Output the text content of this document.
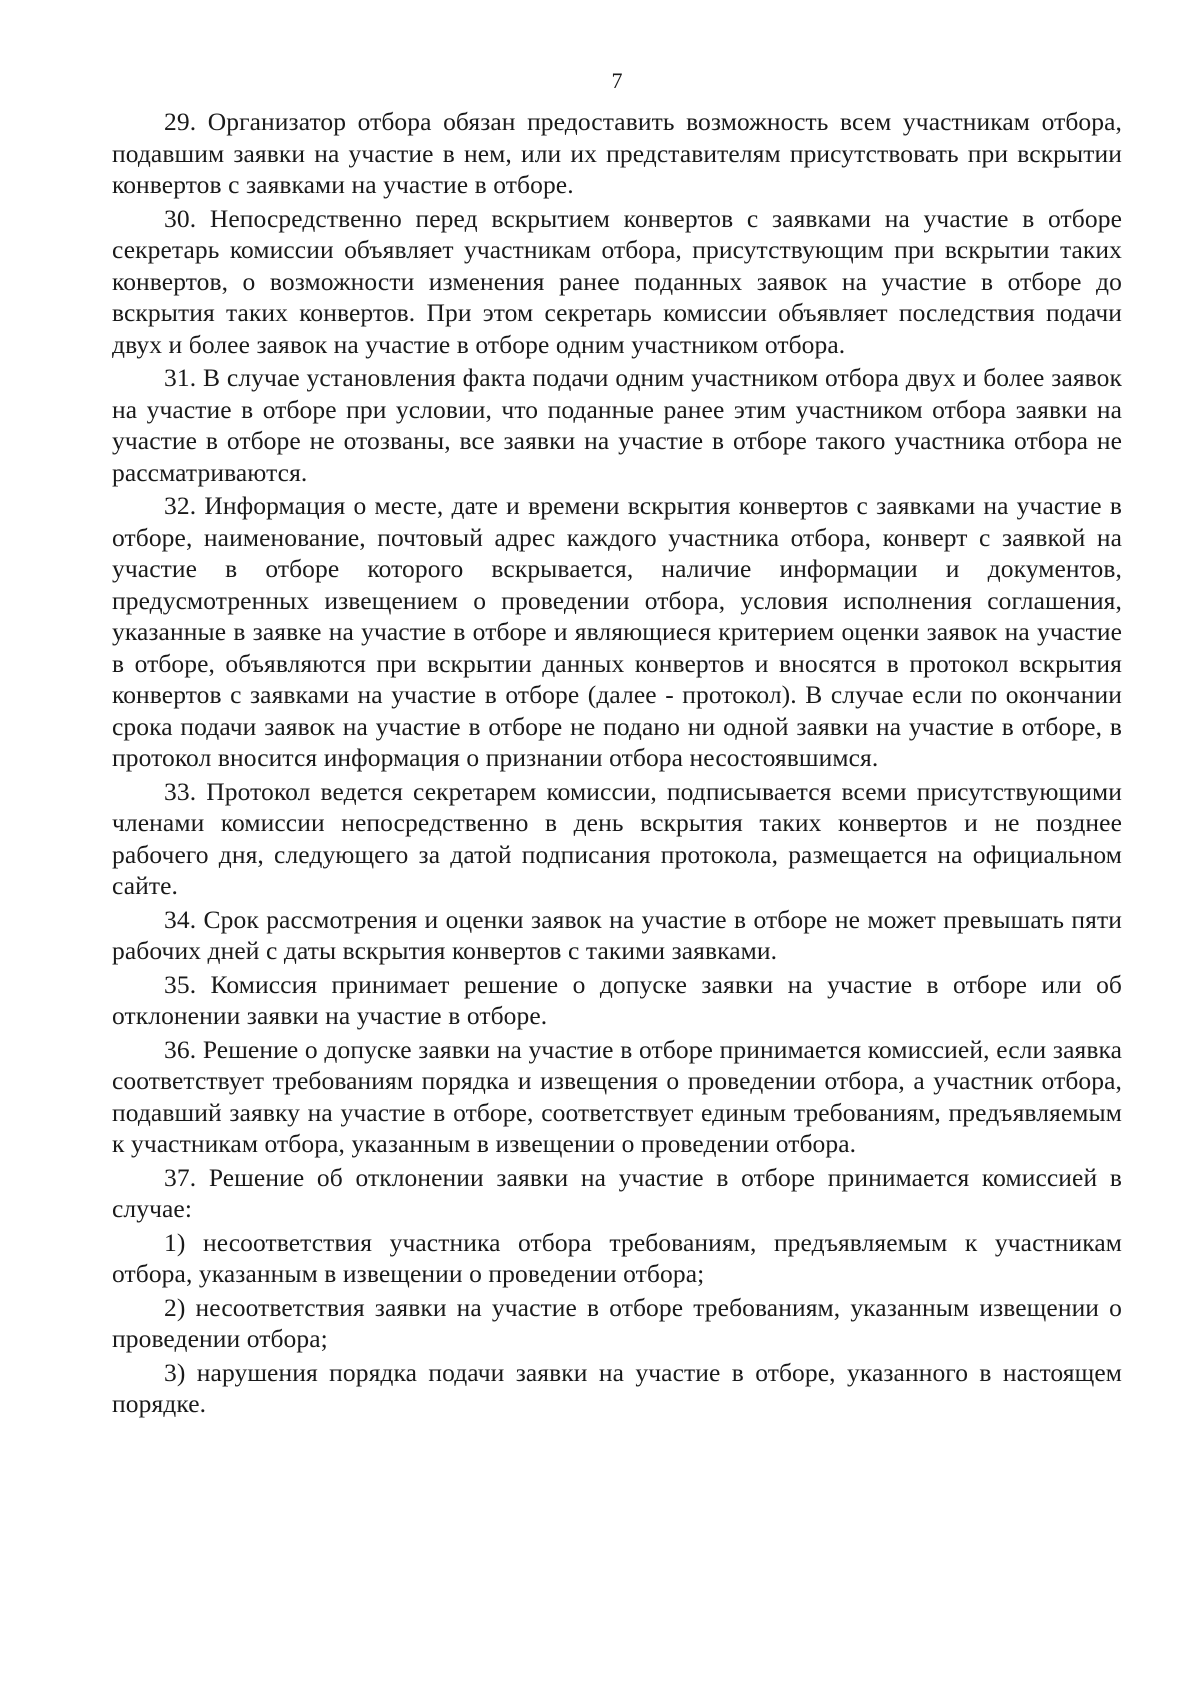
7

29. Организатор отбора обязан предоставить возможность всем участникам отбора, подавшим заявки на участие в нем, или их представителям присутствовать при вскрытии конвертов с заявками на участие в отборе.

30. Непосредственно перед вскрытием конвертов с заявками на участие в отборе секретарь комиссии объявляет участникам отбора, присутствующим при вскрытии таких конвертов, о возможности изменения ранее поданных заявок на участие в отборе до вскрытия таких конвертов. При этом секретарь комиссии объявляет последствия подачи двух и более заявок на участие в отборе одним участником отбора.

31. В случае установления факта подачи одним участником отбора двух и более заявок на участие в отборе при условии, что поданные ранее этим участником отбора заявки на участие в отборе не отозваны, все заявки на участие в отборе такого участника отбора не рассматриваются.

32. Информация о месте, дате и времени вскрытия конвертов с заявками на участие в отборе, наименование, почтовый адрес каждого участника отбора, конверт с заявкой на участие в отборе которого вскрывается, наличие информации и документов, предусмотренных извещением о проведении отбора, условия исполнения соглашения, указанные в заявке на участие в отборе и являющиеся критерием оценки заявок на участие в отборе, объявляются при вскрытии данных конвертов и вносятся в протокол вскрытия конвертов с заявками на участие в отборе (далее - протокол). В случае если по окончании срока подачи заявок на участие в отборе не подано ни одной заявки на участие в отборе, в протокол вносится информация о признании отбора несостоявшимся.

33. Протокол ведется секретарем комиссии, подписывается всеми присутствующими членами комиссии непосредственно в день вскрытия таких конвертов и не позднее рабочего дня, следующего за датой подписания протокола, размещается на официальном сайте.

34. Срок рассмотрения и оценки заявок на участие в отборе не может превышать пяти рабочих дней с даты вскрытия конвертов с такими заявками.

35. Комиссия принимает решение о допуске заявки на участие в отборе или об отклонении заявки на участие в отборе.

36. Решение о допуске заявки на участие в отборе принимается комиссией, если заявка соответствует требованиям порядка и извещения о проведении отбора, а участник отбора, подавший заявку на участие в отборе, соответствует единым требованиям, предъявляемым к участникам отбора, указанным в извещении о проведении отбора.

37. Решение об отклонении заявки на участие в отборе принимается комиссией в случае:

1) несоответствия участника отбора требованиям, предъявляемым к участникам отбора, указанным в извещении о проведении отбора;

2) несоответствия заявки на участие в отборе требованиям, указанным извещении о проведении отбора;

3) нарушения порядка подачи заявки на участие в отборе, указанного в настоящем порядке.
